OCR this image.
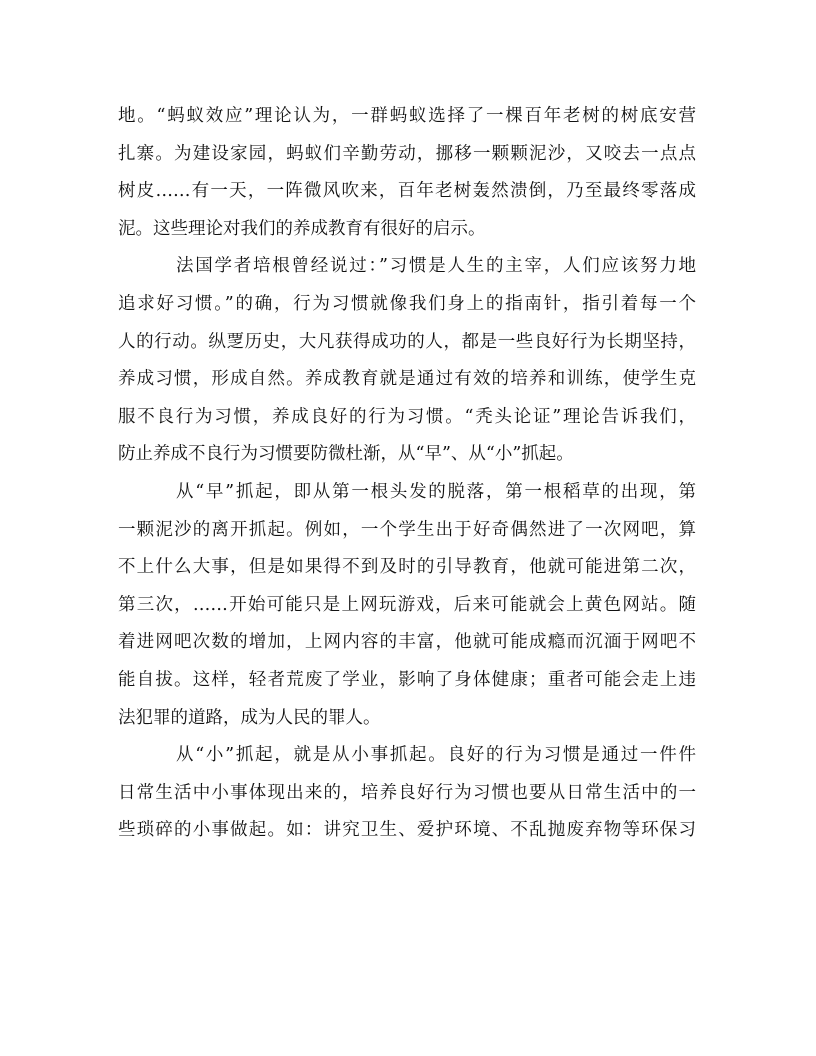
地。“蚂蚁效应”理论认为，一群蚂蚁选择了一棵百年老树的树底安营
扎寨。为建设家园，蚂蚁们辛勤劳动，挪移一颗颗泥沙，又咬去一点点
树皮……有一天，一阵微风吹来，百年老树轰然溃倒，乃至最终零落成
泥。这些理论对我们的养成教育有很好的启示。
法国学者培根曾经说过：”习惯是人生的主宰，人们应该努力地
追求好习惯。”的确，行为习惯就像我们身上的指南针，指引着每一个
人的行动。纵覂历史，大凡获得成功的人，都是一些良好行为长期坚持，
养成习惯，形成自然。养成教育就是通过有效的培养和训练，使学生克
服不良行为习惯，养成良好的行为习惯。“秃头论证”理论告诉我们，
防止养成不良行为习惯要防微杜渐，从“早”、从“小”抓起。
从“早”抓起，即从第一根头发的脱落，第一根稻草的出现，第
一颗泥沙的离开抓起。例如，一个学生出于好奇偶然进了一次网吧，算
不上什么大事，但是如果得不到及时的引导教育，他就可能进第二次，
第三次，……开始可能只是上网玩游戏，后来可能就会上黄色网站。随
着进网吧次数的增加，上网内容的丰富，他就可能成瘾而沉湎于网吧不
能自拔。这样，轻者荒废了学业，影响了身体健康；重者可能会走上违
法犯罪的道路，成为人民的罪人。
从“小”抓起，就是从小事抓起。良好的行为习惯是通过一件件
日常生活中小事体现出来的，培养良好行为习惯也要从日常生活中的一
些琐碎的小事做起。如：讲究卫生、爱护环境、不乱抛废弃物等环保习
